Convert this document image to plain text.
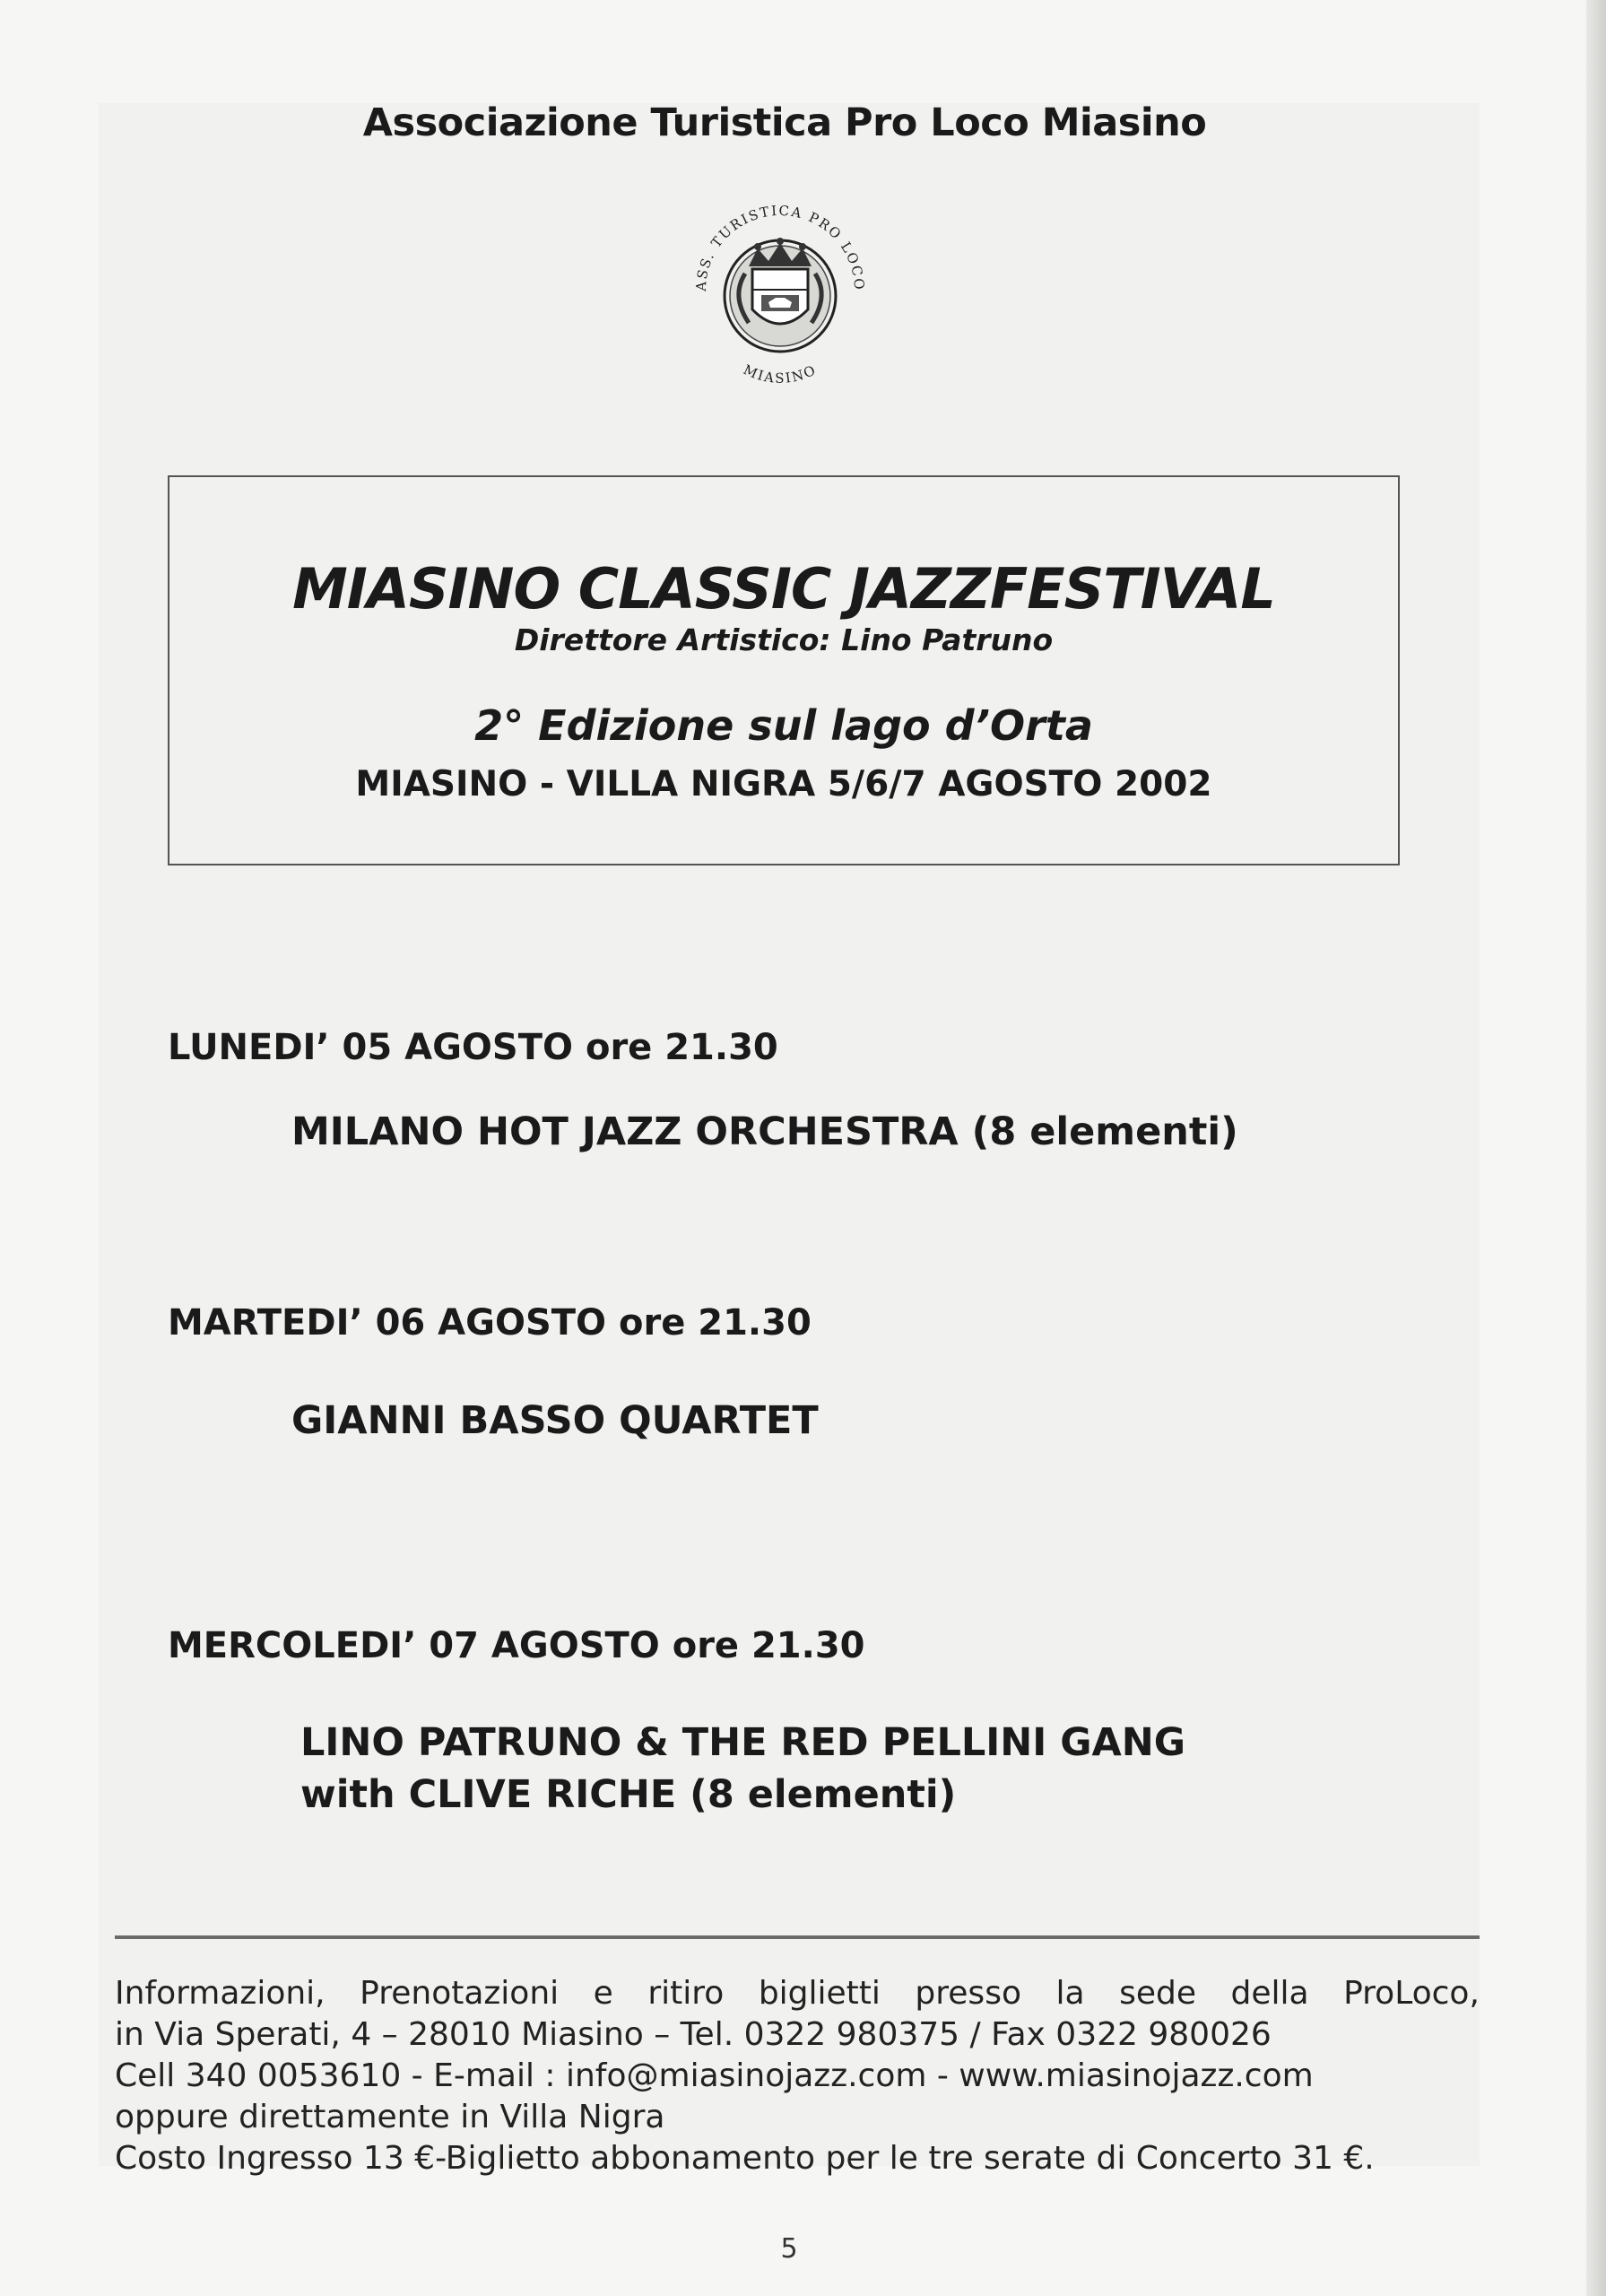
Associazione Turistica Pro Loco Miasino
ASS. TURISTICA PRO LOCO
MIASINO
MIASINO CLASSIC JAZZFESTIVAL
Direttore Artistico: Lino Patruno
2° Edizione sul lago d’Orta
MIASINO - VILLA NIGRA 5/6/7 AGOSTO 2002
LUNEDI’ 05 AGOSTO ore 21.30
MILANO HOT JAZZ ORCHESTRA (8 elementi)
MARTEDI’ 06 AGOSTO ore 21.30
GIANNI BASSO QUARTET
MERCOLEDI’ 07 AGOSTO ore 21.30
LINO PATRUNO & THE RED PELLINI GANG
with CLIVE RICHE (8 elementi)
Informazioni, Prenotazioni e ritiro biglietti presso la sede della ProLoco,
in Via Sperati, 4 – 28010 Miasino – Tel. 0322 980375 / Fax 0322 980026
Cell 340 0053610 - E-mail : info@miasinojazz.com - www.miasinojazz.com
oppure direttamente in Villa Nigra
Costo Ingresso 13 €-Biglietto abbonamento per le tre serate di Concerto 31 €.
5
